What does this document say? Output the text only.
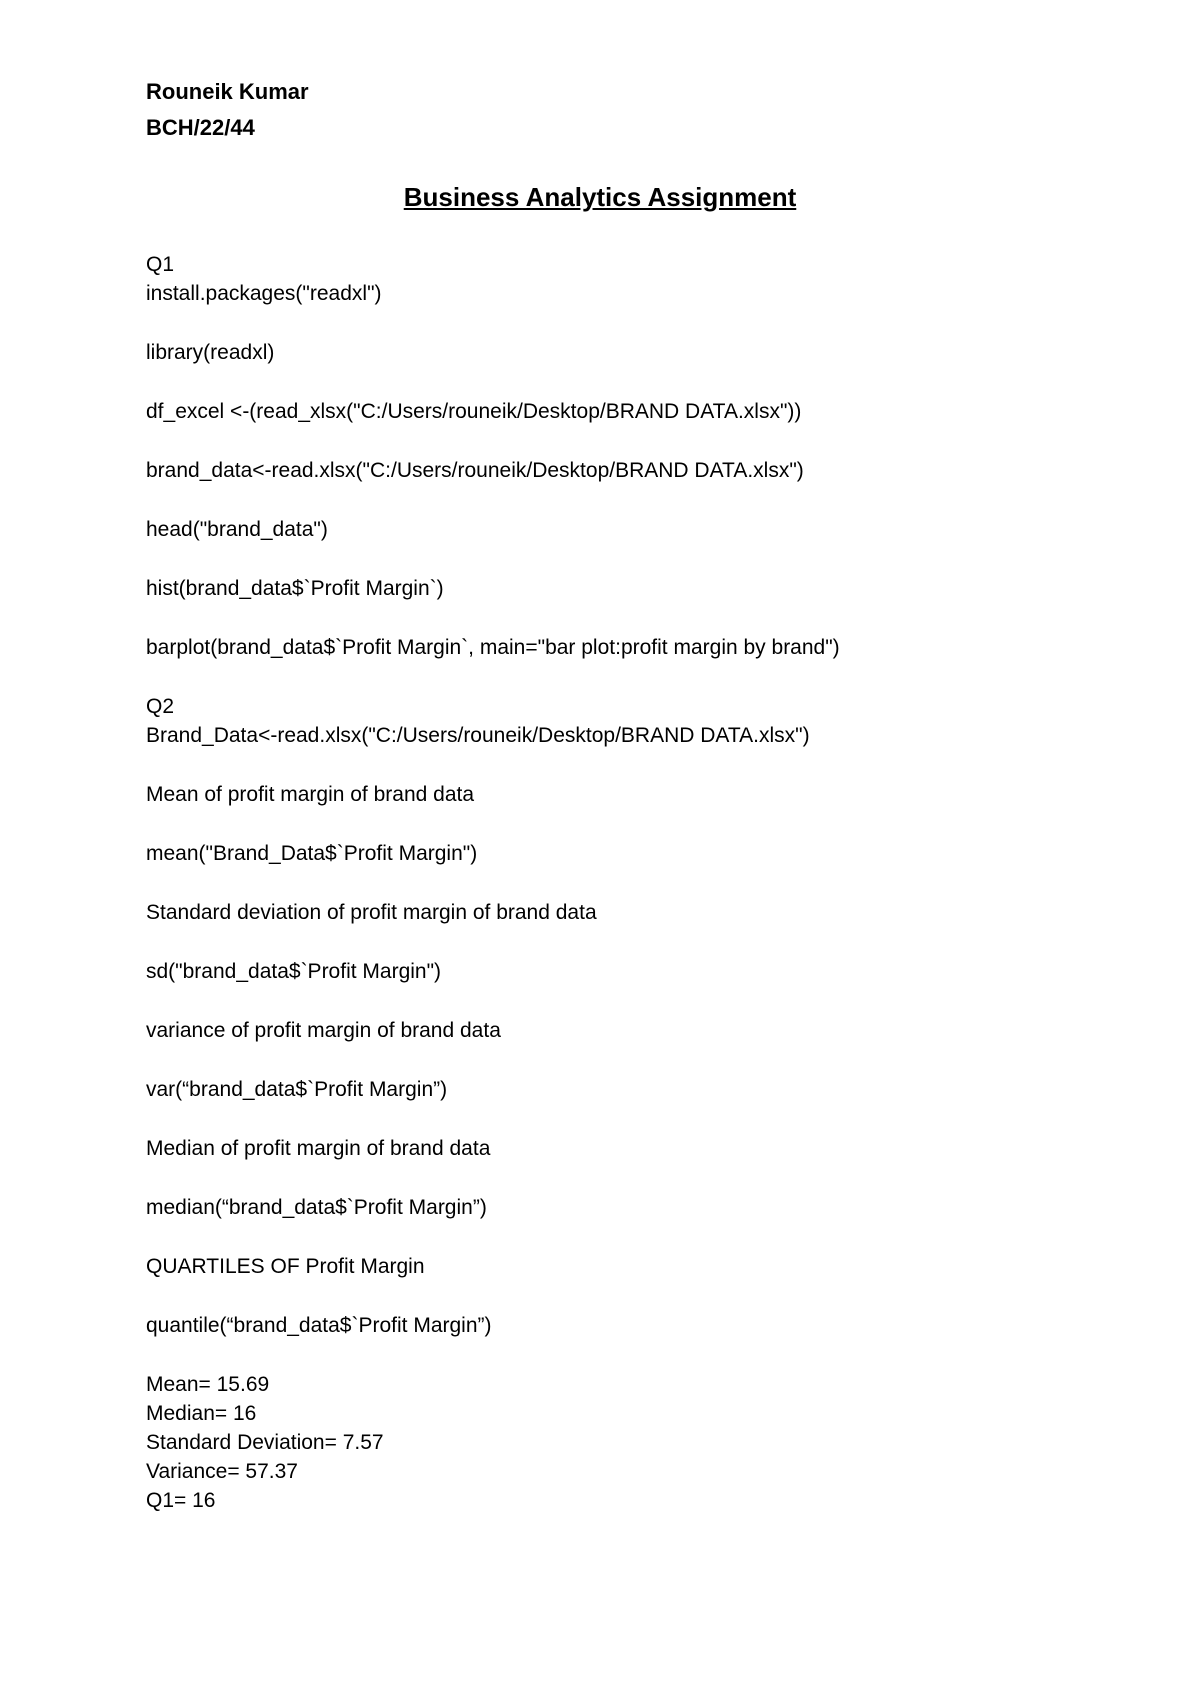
Rouneik Kumar
BCH/22/44
Business Analytics Assignment
Q1
install.packages("readxl")
library(readxl)
df_excel <-(read_xlsx("C:/Users/rouneik/Desktop/BRAND DATA.xlsx"))
brand_data<-read.xlsx("C:/Users/rouneik/Desktop/BRAND DATA.xlsx")
head("brand_data")
hist(brand_data$`Profit Margin`)
barplot(brand_data$`Profit Margin`, main="bar plot:profit margin by brand")
Q2
Brand_Data<-read.xlsx("C:/Users/rouneik/Desktop/BRAND DATA.xlsx")
Mean of profit margin of brand data
mean("Brand_Data$`Profit Margin")
Standard deviation of profit margin of brand data
sd("brand_data$`Profit Margin")
variance of profit margin of brand data
var(“brand_data$`Profit Margin”)
Median of profit margin of brand data
median(“brand_data$`Profit Margin”)
QUARTILES OF Profit Margin
quantile(“brand_data$`Profit Margin”)
Mean= 15.69
Median= 16
Standard Deviation= 7.57
Variance= 57.37
Q1= 16
